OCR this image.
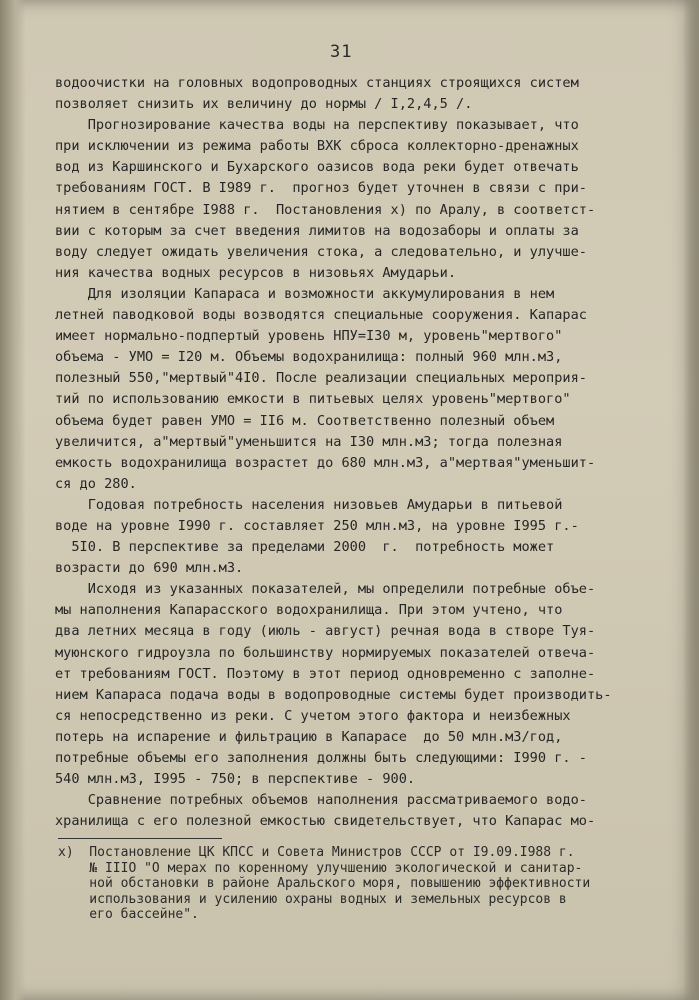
31

водоочистки на головных водопроводных станциях строящихся систем
позволяет снизить их величину до нормы / I,2,4,5 /.

Прогнозирование качества воды на перспективу показывает, что
при исключении из режима работы ВХК сброса коллекторно-дренажных
вод из Каршинского и Бухарского оазисов вода реки будет отвечать
требованиям ГОСТ. В I989 г.  прогноз будет уточнен в связи с при-
нятием в сентябре I988 г.  Постановления х) по Аралу, в соответст-
вии с которым за счет введения лимитов на водозаборы и оплаты за
воду следует ожидать увеличения стока, а следовательно, и улучше-
ния качества водных ресурсов в низовьях Амударьи.

Для изоляции Капараса и возможности аккумулирования в нем
летней паводковой воды возводятся специальные сооружения. Капарас
имеет нормально-подпертый уровень НПУ=I30 м, уровень"мертвого"
объема - УМО = I20 м. Объемы водохранилища: полный 960 млн.м3,
полезный 550,"мертвый"4I0. После реализации специальных мероприя-
тий по использованию емкости в питьевых целях уровень"мертвого"
объема будет равен УМО = II6 м. Соответственно полезный объем
увеличится, а"мертвый"уменьшится на I30 млн.м3; тогда полезная
емкость водохранилища возрастет до 680 млн.м3, а"мертвая"уменьшит-
ся до 280.

Годовая потребность населения низовьев Амударьи в питьевой
воде на уровне I990 г. составляет 250 млн.м3, на уровне I995 г.-
5I0. В перспективе за пределами 2000  г.  потребность может
возрасти до 690 млн.м3.

Исходя из указанных показателей, мы определили потребные объе-
мы наполнения Капарасского водохранилища. При этом учтено, что
два летних месяца в году (июль - август) речная вода в створе Туя-
муюнского гидроузла по большинству нормируемых показателей отвеча-
ет требованиям ГОСТ. Поэтому в этот период одновременно с заполне-
нием Капараса подача воды в водопроводные системы будет производить-
ся непосредственно из реки. С учетом этого фактора и неизбежных
потерь на испарение и фильтрацию в Капарасе  до 50 млн.м3/год,
потребные объемы его заполнения должны быть следующими: I990 г. -
540 млн.м3, I995 - 750; в перспективе - 900.

Сравнение потребных объемов наполнения рассматриваемого водо-
хранилища с его полезной емкостью свидетельствует, что Капарас мо-

х)  Постановление ЦК КПСС и Совета Министров СССР от I9.09.I988 г.
№ IIIO "О мерах по коренному улучшению экологической и санитар-
ной обстановки в районе Аральского моря, повышению эффективности
использования и усилению охраны водных и земельных ресурсов в
его бассейне".
